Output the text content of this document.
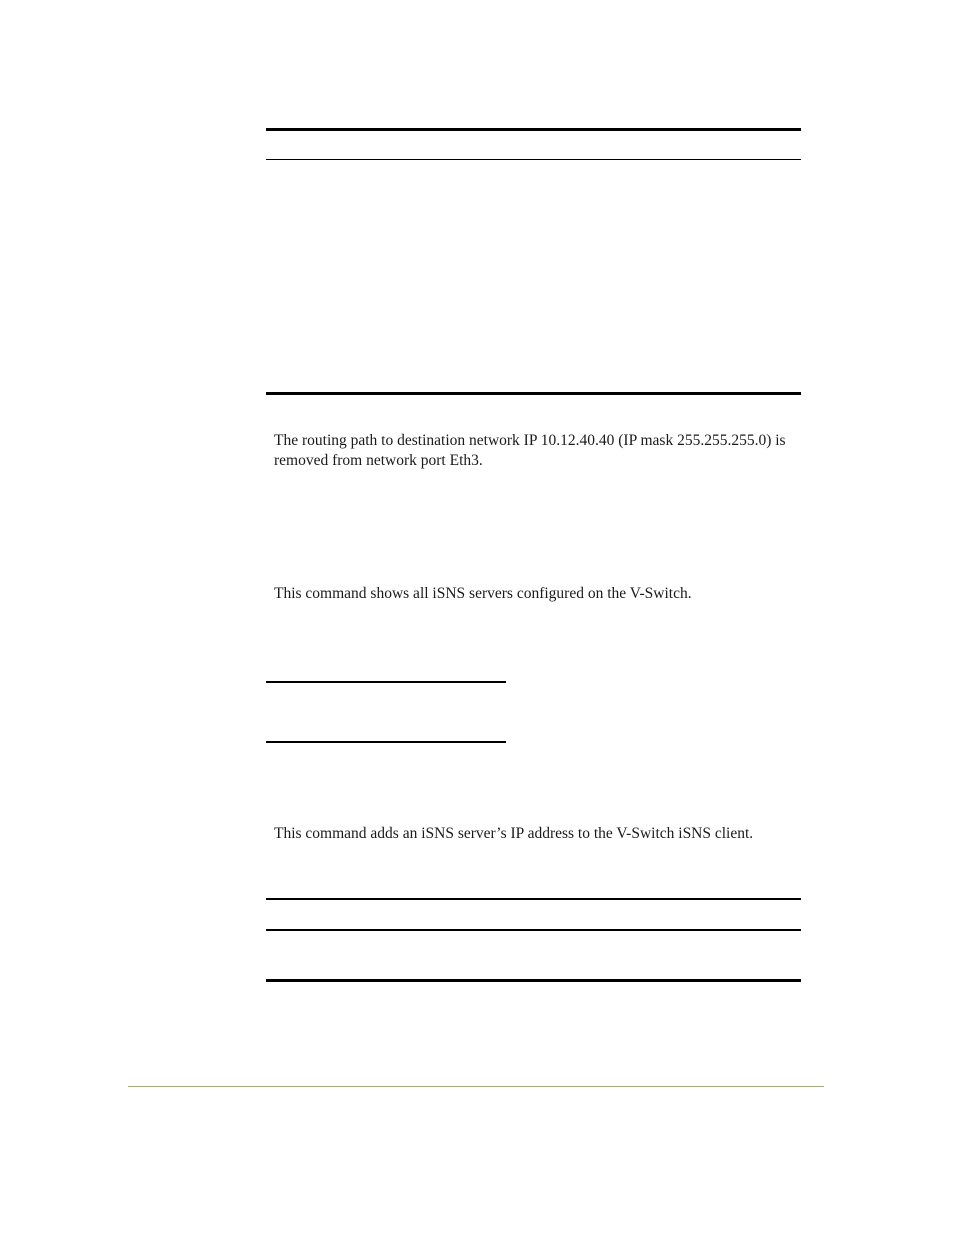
The routing path to destination network IP 10.12.40.40 (IP mask 255.255.255.0) is

removed from network port Eth3.

This command shows all iSNS servers configured on the V-Switch.

This command adds an iSNS server’s IP address to the V-Switch iSNS client.
